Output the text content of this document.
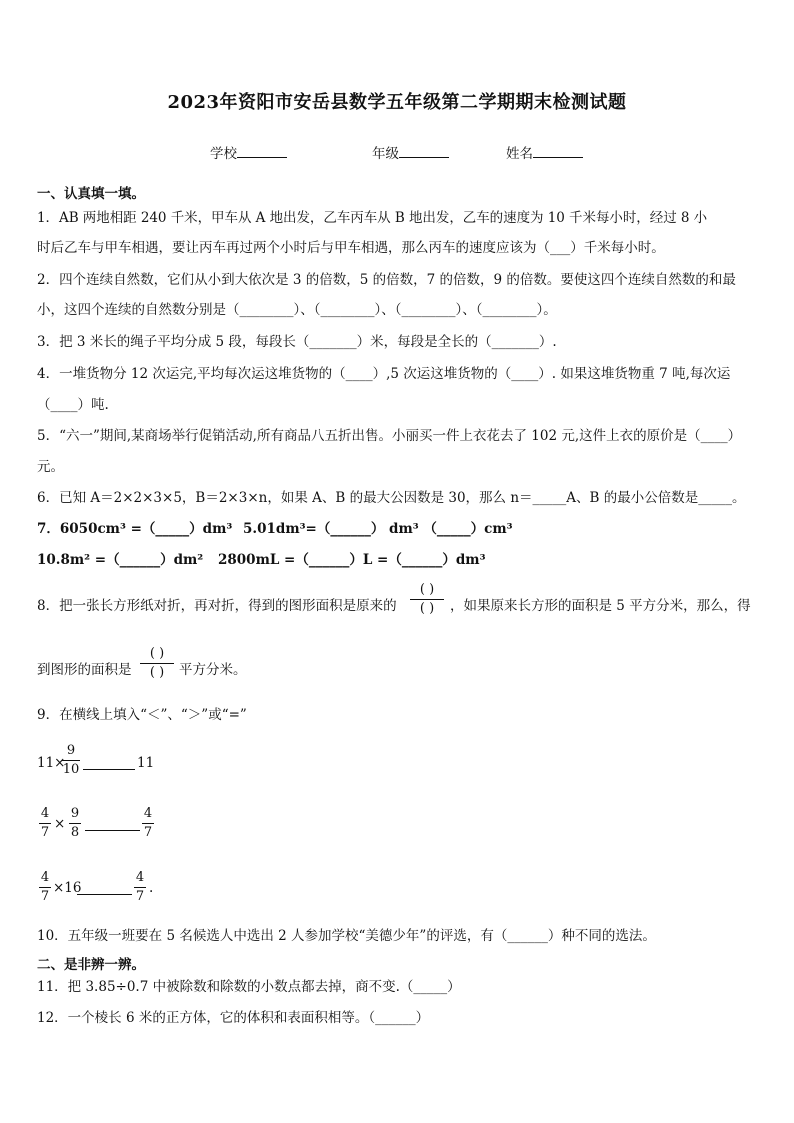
2023年资阳市安岳县数学五年级第二学期期末检测试题
学校	年级	姓名
一、认真填一填。
1．AB 两地相距 240 千米，甲车从 A 地出发，乙车丙车从 B 地出发，乙车的速度为 10 千米每小时，经过 8 小
时后乙车与甲车相遇，要让丙车再过两个小时后与甲车相遇，那么丙车的速度应该为（___）千米每小时。
2．四个连续自然数，它们从小到大依次是 3 的倍数，5 的倍数，7 的倍数，9 的倍数。要使这四个连续自然数的和最
小，这四个连续的自然数分别是（________）、（________）、（________）、（________）。
3．把 3 米长的绳子平均分成 5 段，每段长（_______）米，每段是全长的（_______）.
4．一堆货物分 12 次运完,平均每次运这堆货物的（____）,5 次运这堆货物的（____）. 如果这堆货物重 7 吨,每次运
（____）吨.
5．“六一”期间,某商场举行促销活动,所有商品八五折出售。小丽买一件上衣花去了 102 元,这件上衣的原价是（____）
元。
6．已知 A＝2×2×3×5，B＝2×3×n，如果 A、B 的最大公因数是 30，那么 n＝_____A、B 的最小公倍数是_____。
7．6050cm³ =（_____）dm³ 5.01dm³=（______） dm³ （_____）cm³
10.8m² =（______）dm² 2800mL =（______）L =（______）dm³
8．把一张长方形纸对折，再对折，得到的图形面积是原来的
( )
( )	，如果原来长方形的面积是 5 平方分米，那么，得
到图形的面积是
( )
( )	平方分米。
9．在横线上填入“＜”、“＞”或“=”
11×
9
10	11
4
7
×
9
8
4
7
4
7
×16
4
7
.
10．五年级一班要在 5 名候选人中选出 2 人参加学校“美德少年”的评选，有（______）种不同的选法。
二、是非辨一辨。
11．把 3.85÷0.7 中被除数和除数的小数点都去掉，商不变.（_____）
12．一个棱长 6 米的正方体，它的体积和表面积相等。（______）
